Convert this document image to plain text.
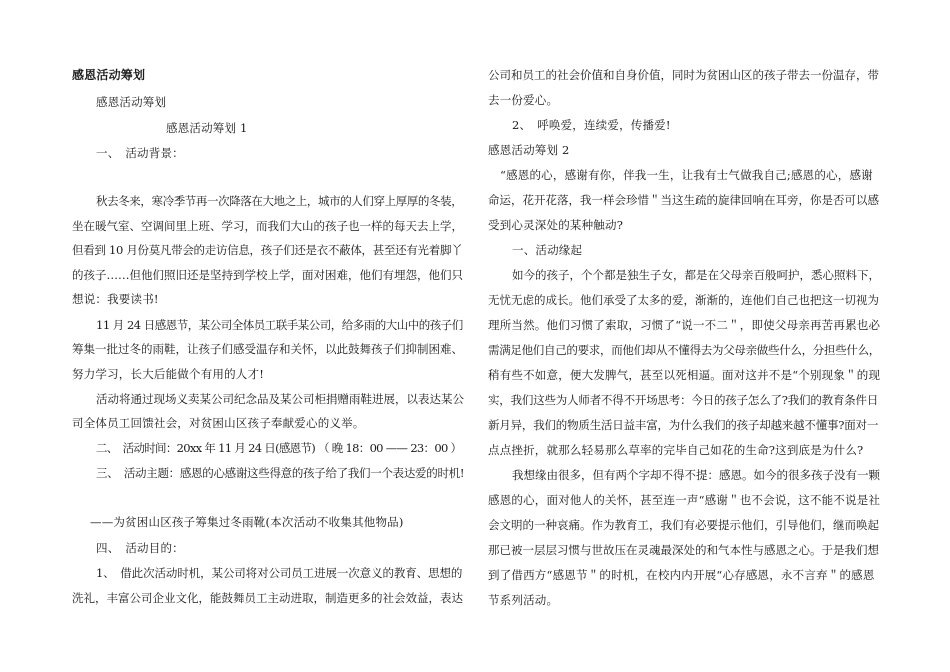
感恩活动筹划
感恩活动筹划
感恩活动筹划 1
一、　活动背景：
秋去冬来，寒冷季节再一次降落在大地之上，城市的人们穿上厚厚的冬装，
坐在暖气室、空调间里上班、学习，而我们大山的孩子也一样的每天去上学，
但看到 10 月份莫凡带会的走访信息，孩子们还是衣不蔽体，甚至还有光着脚丫
的孩子……但他们照旧还是坚持到学校上学，面对困难，他们有埋怨，他们只
想说：我要读书!
11 月 24 日感恩节，某公司全体员工联手某公司，给多雨的大山中的孩子们
筹集一批过冬的雨鞋，让孩子们感受温存和关怀，以此鼓舞孩子们抑制困难、
努力学习，长大后能做个有用的人才!
活动将通过现场义卖某公司纪念品及某公司柜捐赠雨鞋进展，以表达某公
司全体员工回馈社会，对贫困山区孩子奉献爱心的义举。
二、　活动时间：20xx 年 11 月 24 日(感恩节) （ 晚 18：00 —— 23：00 ）
三、　活动主题：感恩的心感谢这些得意的孩子给了我们一个表达爱的时机!
——为贫困山区孩子筹集过冬雨靴(本次活动不收集其他物品)
四、　活动目的：
1、　借此次活动时机，某公司将对公司员工进展一次意义的教育、思想的
洗礼，丰富公司企业文化，能鼓舞员工主动进取，制造更多的社会效益，表达
公司和员工的社会价值和自身价值，同时为贫困山区的孩子带去一份温存，带
去一份爱心。
2、　呼唤爱，连续爱，传播爱!
感恩活动筹划 2
“感恩的心，感谢有你，伴我一生，让我有士气做我自己;感恩的心，感谢
命运，花开花落，我一样会珍惜＂当这生疏的旋律回响在耳旁，你是否可以感
受到心灵深处的某种触动?
一、活动缘起
如今的孩子，个个都是独生子女，都是在父母亲百般呵护，悉心照料下，
无忧无虑的成长。他们承受了太多的爱，渐渐的，连他们自己也把这一切视为
理所当然。他们习惯了索取，习惯了“说一不二＂，即使父母亲再苦再累也必
需满足他们自己的要求，而他们却从不懂得去为父母亲做些什么，分担些什么，
稍有些不如意，便大发脾气，甚至以死相逼。面对这并不是“个别现象＂的现
实，我们这些为人师者不得不开场思考：今日的孩子怎么了?我们的教育条件日
新月异，我们的物质生活日益丰富，为什么我们的孩子却越来越不懂事?面对一
点点挫折，就那么轻易那么草率的完毕自己如花的生命?这到底是为什么?
我想缘由很多，但有两个字却不得不提：感恩。如今的很多孩子没有一颗
感恩的心，面对他人的关怀，甚至连一声“感谢＂也不会说，这不能不说是社
会文明的一种哀痛。作为教育工，我们有必要提示他们，引导他们，继而唤起
那已被一层层习惯与世故压在灵魂最深处的和气本性与感恩之心。于是我们想
到了借西方“感恩节＂的时机，在校内内开展“心存感恩，永不言弃＂的感恩
节系列活动。
